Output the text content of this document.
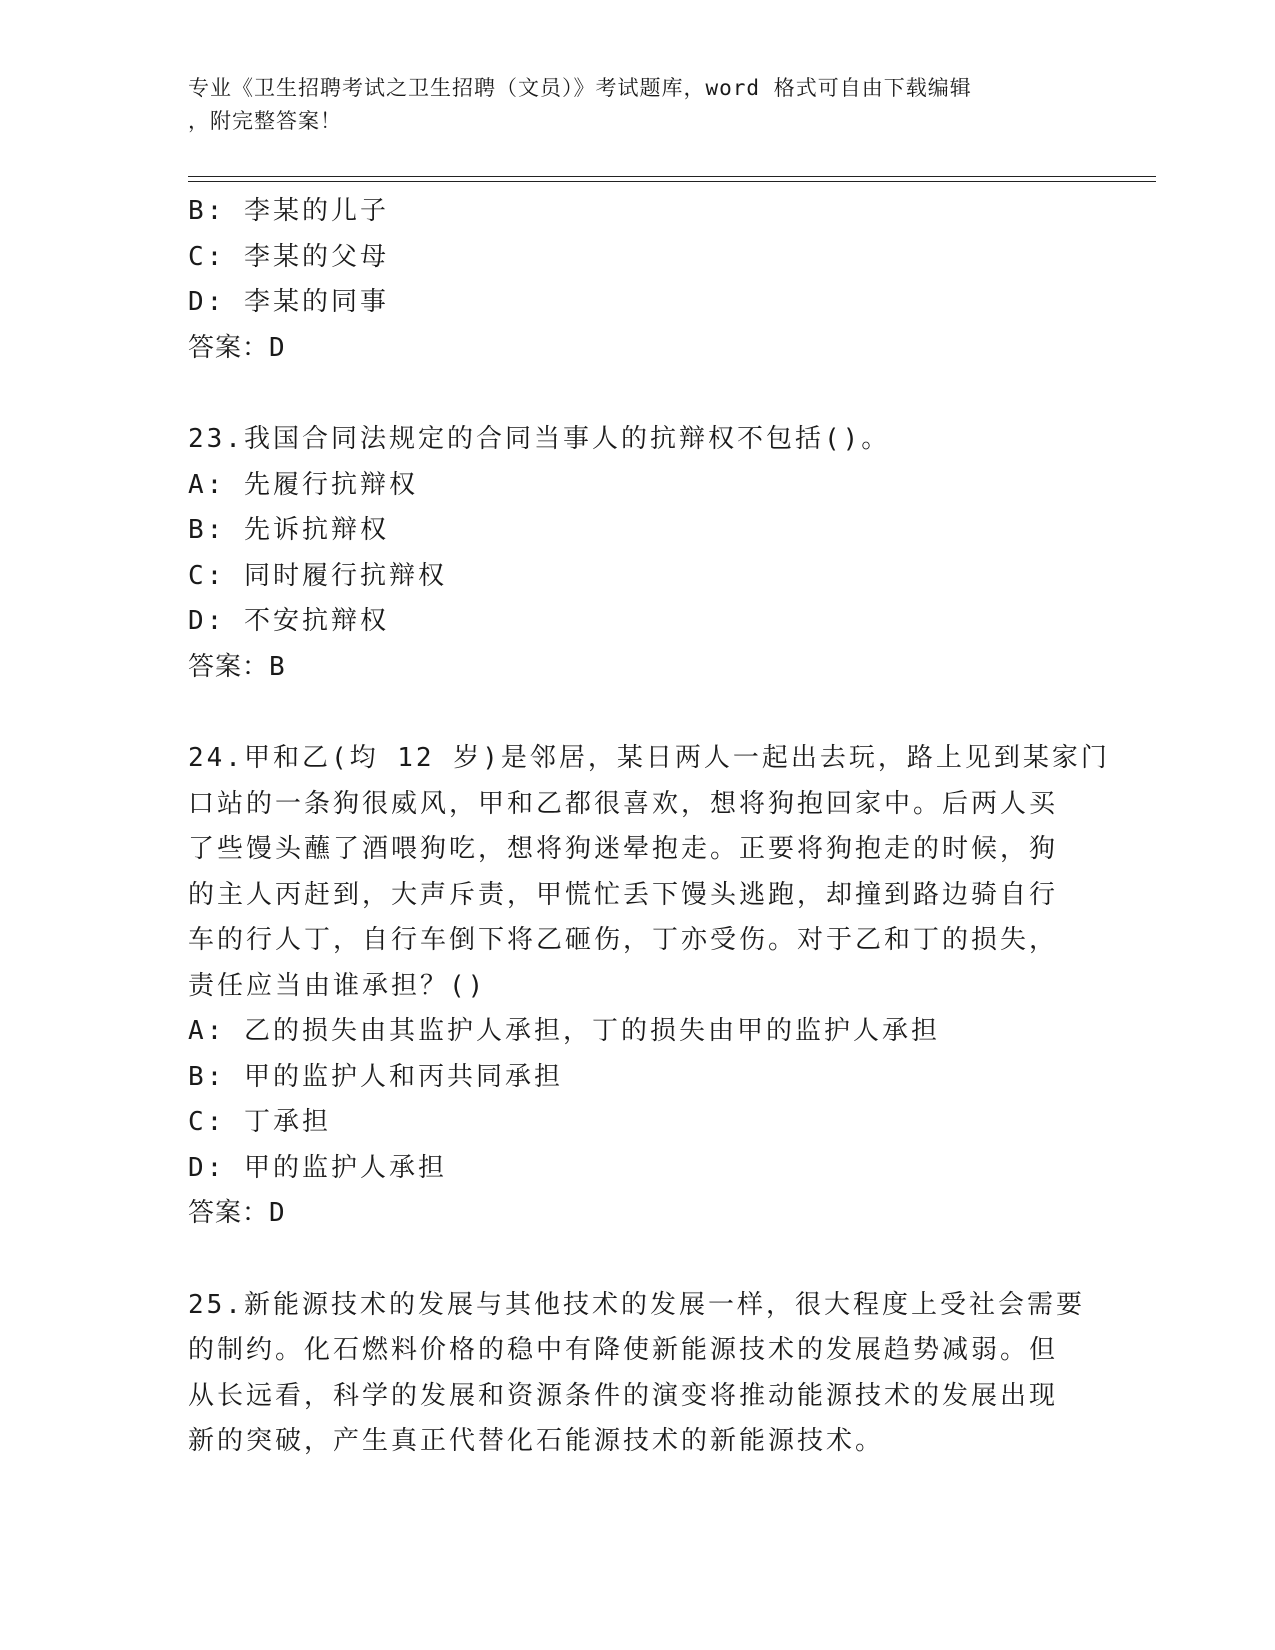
专业《卫生招聘考试之卫生招聘（文员）》考试题库，word 格式可自由下载编辑
，附完整答案！
B: 李某的儿子
C: 李某的父母
D: 李某的同事
答案：D
23.我国合同法规定的合同当事人的抗辩权不包括()。
A: 先履行抗辩权
B: 先诉抗辩权
C: 同时履行抗辩权
D: 不安抗辩权
答案：B
24.甲和乙(均 12 岁)是邻居，某日两人一起出去玩，路上见到某家门
口站的一条狗很威风，甲和乙都很喜欢，想将狗抱回家中。后两人买
了些馒头蘸了酒喂狗吃，想将狗迷晕抱走。正要将狗抱走的时候，狗
的主人丙赶到，大声斥责，甲慌忙丢下馒头逃跑，却撞到路边骑自行
车的行人丁，自行车倒下将乙砸伤，丁亦受伤。对于乙和丁的损失，
责任应当由谁承担？()
A: 乙的损失由其监护人承担，丁的损失由甲的监护人承担
B: 甲的监护人和丙共同承担
C: 丁承担
D: 甲的监护人承担
答案：D
25.新能源技术的发展与其他技术的发展一样，很大程度上受社会需要
的制约。化石燃料价格的稳中有降使新能源技术的发展趋势减弱。但
从长远看，科学的发展和资源条件的演变将推动能源技术的发展出现
新的突破，产生真正代替化石能源技术的新能源技术。
